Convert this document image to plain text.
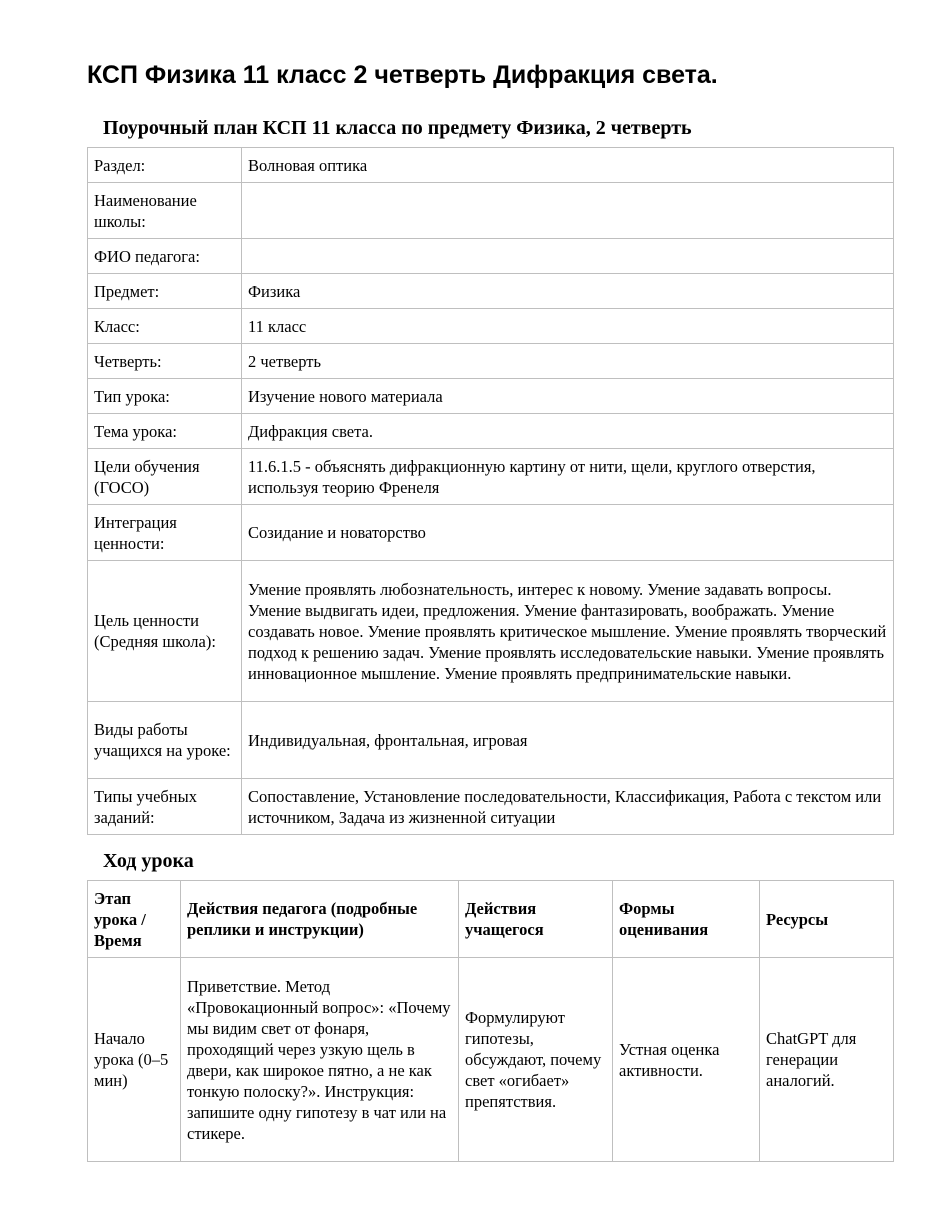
КСП Физика 11 класс 2 четверть Дифракция света.
Поурочный план КСП 11 класса по предмету Физика, 2 четверть
Раздел:	Волновая оптика
Наименование школы:	
ФИО педагога:	
Предмет:	Физика
Класс:	11 класс
Четверть:	2 четверть
Тип урока:	Изучение нового материала
Тема урока:	Дифракция света.
Цели обучения (ГОСО)	11.6.1.5 - объяснять дифракционную картину от нити, щели, круглого отверстия, используя теорию Френеля
Интеграция ценности:	Созидание и новаторство
Цель ценности (Средняя школа):	Умение проявлять любознательность, интерес к новому. Умение задавать вопросы. Умение выдвигать идеи, предложения. Умение фантазировать, воображать. Умение создавать новое. Умение проявлять критическое мышление. Умение проявлять творческий подход к решению задач. Умение проявлять исследовательские навыки. Умение проявлять инновационное мышление. Умение проявлять предпринимательские навыки.
Виды работы учащихся на уроке:	Индивидуальная, фронтальная, игровая
Типы учебных заданий:	Сопоставление, Установление последовательности, Классификация, Работа с текстом или источником, Задача из жизненной ситуации
Ход урока
Этап урока / Время	Действия педагога (подробные реплики и инструкции)	Действия учащегося	Формы оценивания	Ресурсы
Начало урока (0–5 мин)	Приветствие. Метод «Провокационный вопрос»: «Почему мы видим свет от фонаря, проходящий через узкую щель в двери, как широкое пятно, а не как тонкую полоску?». Инструкция: запишите одну гипотезу в чат или на стикере.	Формулируют гипотезы, обсуждают, почему свет «огибает» препятствия.	Устная оценка активности.	ChatGPT для генерации аналогий.
